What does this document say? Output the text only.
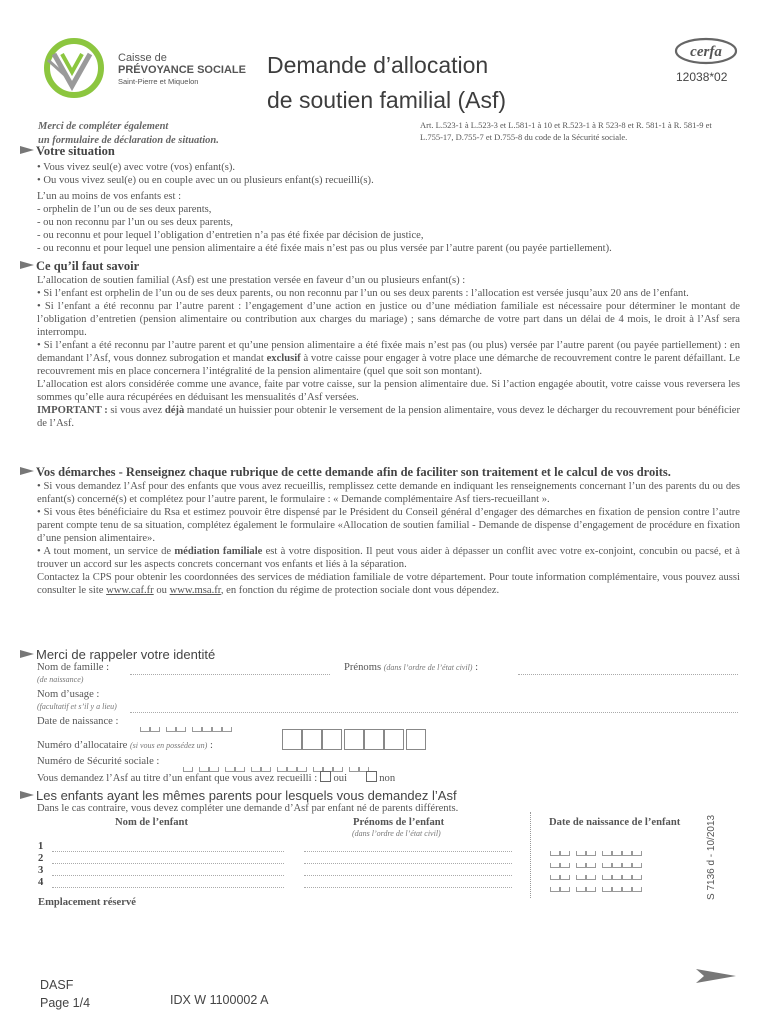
Caisse de
PRÉVOYANCE SOCIALE
Saint-Pierre et Miquelon
Demande d’allocation
de soutien familial (Asf)
cerfa
12038*02
Merci de compléter également
un formulaire de déclaration de situation.
Art. L.523-1 à L.523-3 et L.581-1 à 10 et R.523-1 à R 523-8 et R. 581-1 à R. 581-9 et L.755-17, D.755-7 et D.755-8 du code de la Sécurité sociale.
Votre situation
• Vous vivez seul(e) avec votre (vos) enfant(s).
• Ou vous vivez seul(e) ou en couple avec un ou plusieurs enfant(s) recueilli(s).
L’un au moins de vos enfants est :
- orphelin de l’un ou de ses deux parents,
- ou non reconnu par l’un ou ses deux parents,
- ou reconnu et pour lequel l’obligation d’entretien n’a pas été fixée par décision de justice,
- ou reconnu et pour lequel une pension alimentaire a été fixée mais n’est pas ou plus versée par l’autre parent (ou payée partiellement).
Ce qu’il faut savoir
L’allocation de soutien familial (Asf) est une prestation versée en faveur d’un ou plusieurs enfant(s) :
• Si l’enfant est orphelin de l’un ou de ses deux parents, ou non reconnu par l’un ou ses deux parents : l’allocation est versée jusqu’aux 20 ans de l’enfant.
• Si l’enfant a été reconnu par l’autre parent : l’engagement d’une action en justice ou d’une médiation familiale est nécessaire pour déterminer le montant de l’obligation d’entretien (pension alimentaire ou contribution aux charges du mariage) ; sans démarche de votre part dans un délai de 4 mois, le droit à l’Asf sera interrompu.
• Si l’enfant a été reconnu par l’autre parent et qu’une pension alimentaire a été fixée mais n’est pas (ou plus) versée par l’autre parent (ou payée partiellement) : en demandant l’Asf, vous donnez subrogation et mandat exclusif à votre caisse pour engager à votre place une démarche de recouvrement contre le parent défaillant. Le recouvrement mis en place concernera l’intégralité de la pension alimentaire (quel que soit son montant).
L’allocation est alors considérée comme une avance, faite par votre caisse, sur la pension alimentaire due. Si l’action engagée aboutit, votre caisse vous reversera les sommes qu’elle aura récupérées en déduisant les mensualités d’Asf versées.
IMPORTANT : si vous avez déjà mandaté un huissier pour obtenir le versement de la pension alimentaire, vous devez le décharger du recouvrement pour bénéficier de l’Asf.
Vos démarches - Renseignez chaque rubrique de cette demande afin de faciliter son traitement et le calcul de vos droits.
• Si vous demandez l’Asf pour des enfants que vous avez recueillis, remplissez cette demande en indiquant les renseignements concernant l’un des parents du ou des enfant(s) concerné(s) et complétez pour l’autre parent, le formulaire : « Demande complémentaire Asf tiers-recueillant ».
• Si vous êtes bénéficiaire du Rsa et estimez pouvoir être dispensé par le Président du Conseil général d’engager des démarches en fixation de pension contre l’autre parent compte tenu de sa situation, complétez également le formulaire «Allocation de soutien familial - Demande de dispense d’engagement de procédure en fixation d’une pension alimentaire».
• A tout moment, un service de médiation familiale est à votre disposition. Il peut vous aider à dépasser un conflit avec votre ex-conjoint, concubin ou pacsé, et à trouver un accord sur les aspects concrets concernant vos enfants et liés à la séparation.
Contactez la CPS pour obtenir les coordonnées des services de médiation familiale de votre département. Pour toute information complémentaire, vous pouvez aussi consulter le site www.caf.fr ou www.msa.fr, en fonction du régime de protection sociale dont vous dépendez.
Merci de rappeler votre identité
Nom de famille :
(de naissance)
Prénoms (dans l’ordre de l’état civil) :
Nom d’usage :
(facultatif et s’il y a lieu)
Date de naissance :
Numéro d’allocataire (si vous en possédez un) :
Numéro de Sécurité sociale :
Vous demandez l’Asf au titre d’un enfant que vous avez recueilli : oui	non
Les enfants ayant les mêmes parents pour lesquels vous demandez l’Asf
Dans le cas contraire, vous devez compléter une demande d’Asf par enfant né de parents différents.
Nom de l’enfant	Prénoms de l’enfant
(dans l’ordre de l’état civil)
Date de naissance de l’enfant
1
2
3
4
Emplacement réservé
S 7136 d - 10/2013
DASF
Page 1/4	IDX W 1100002 A
